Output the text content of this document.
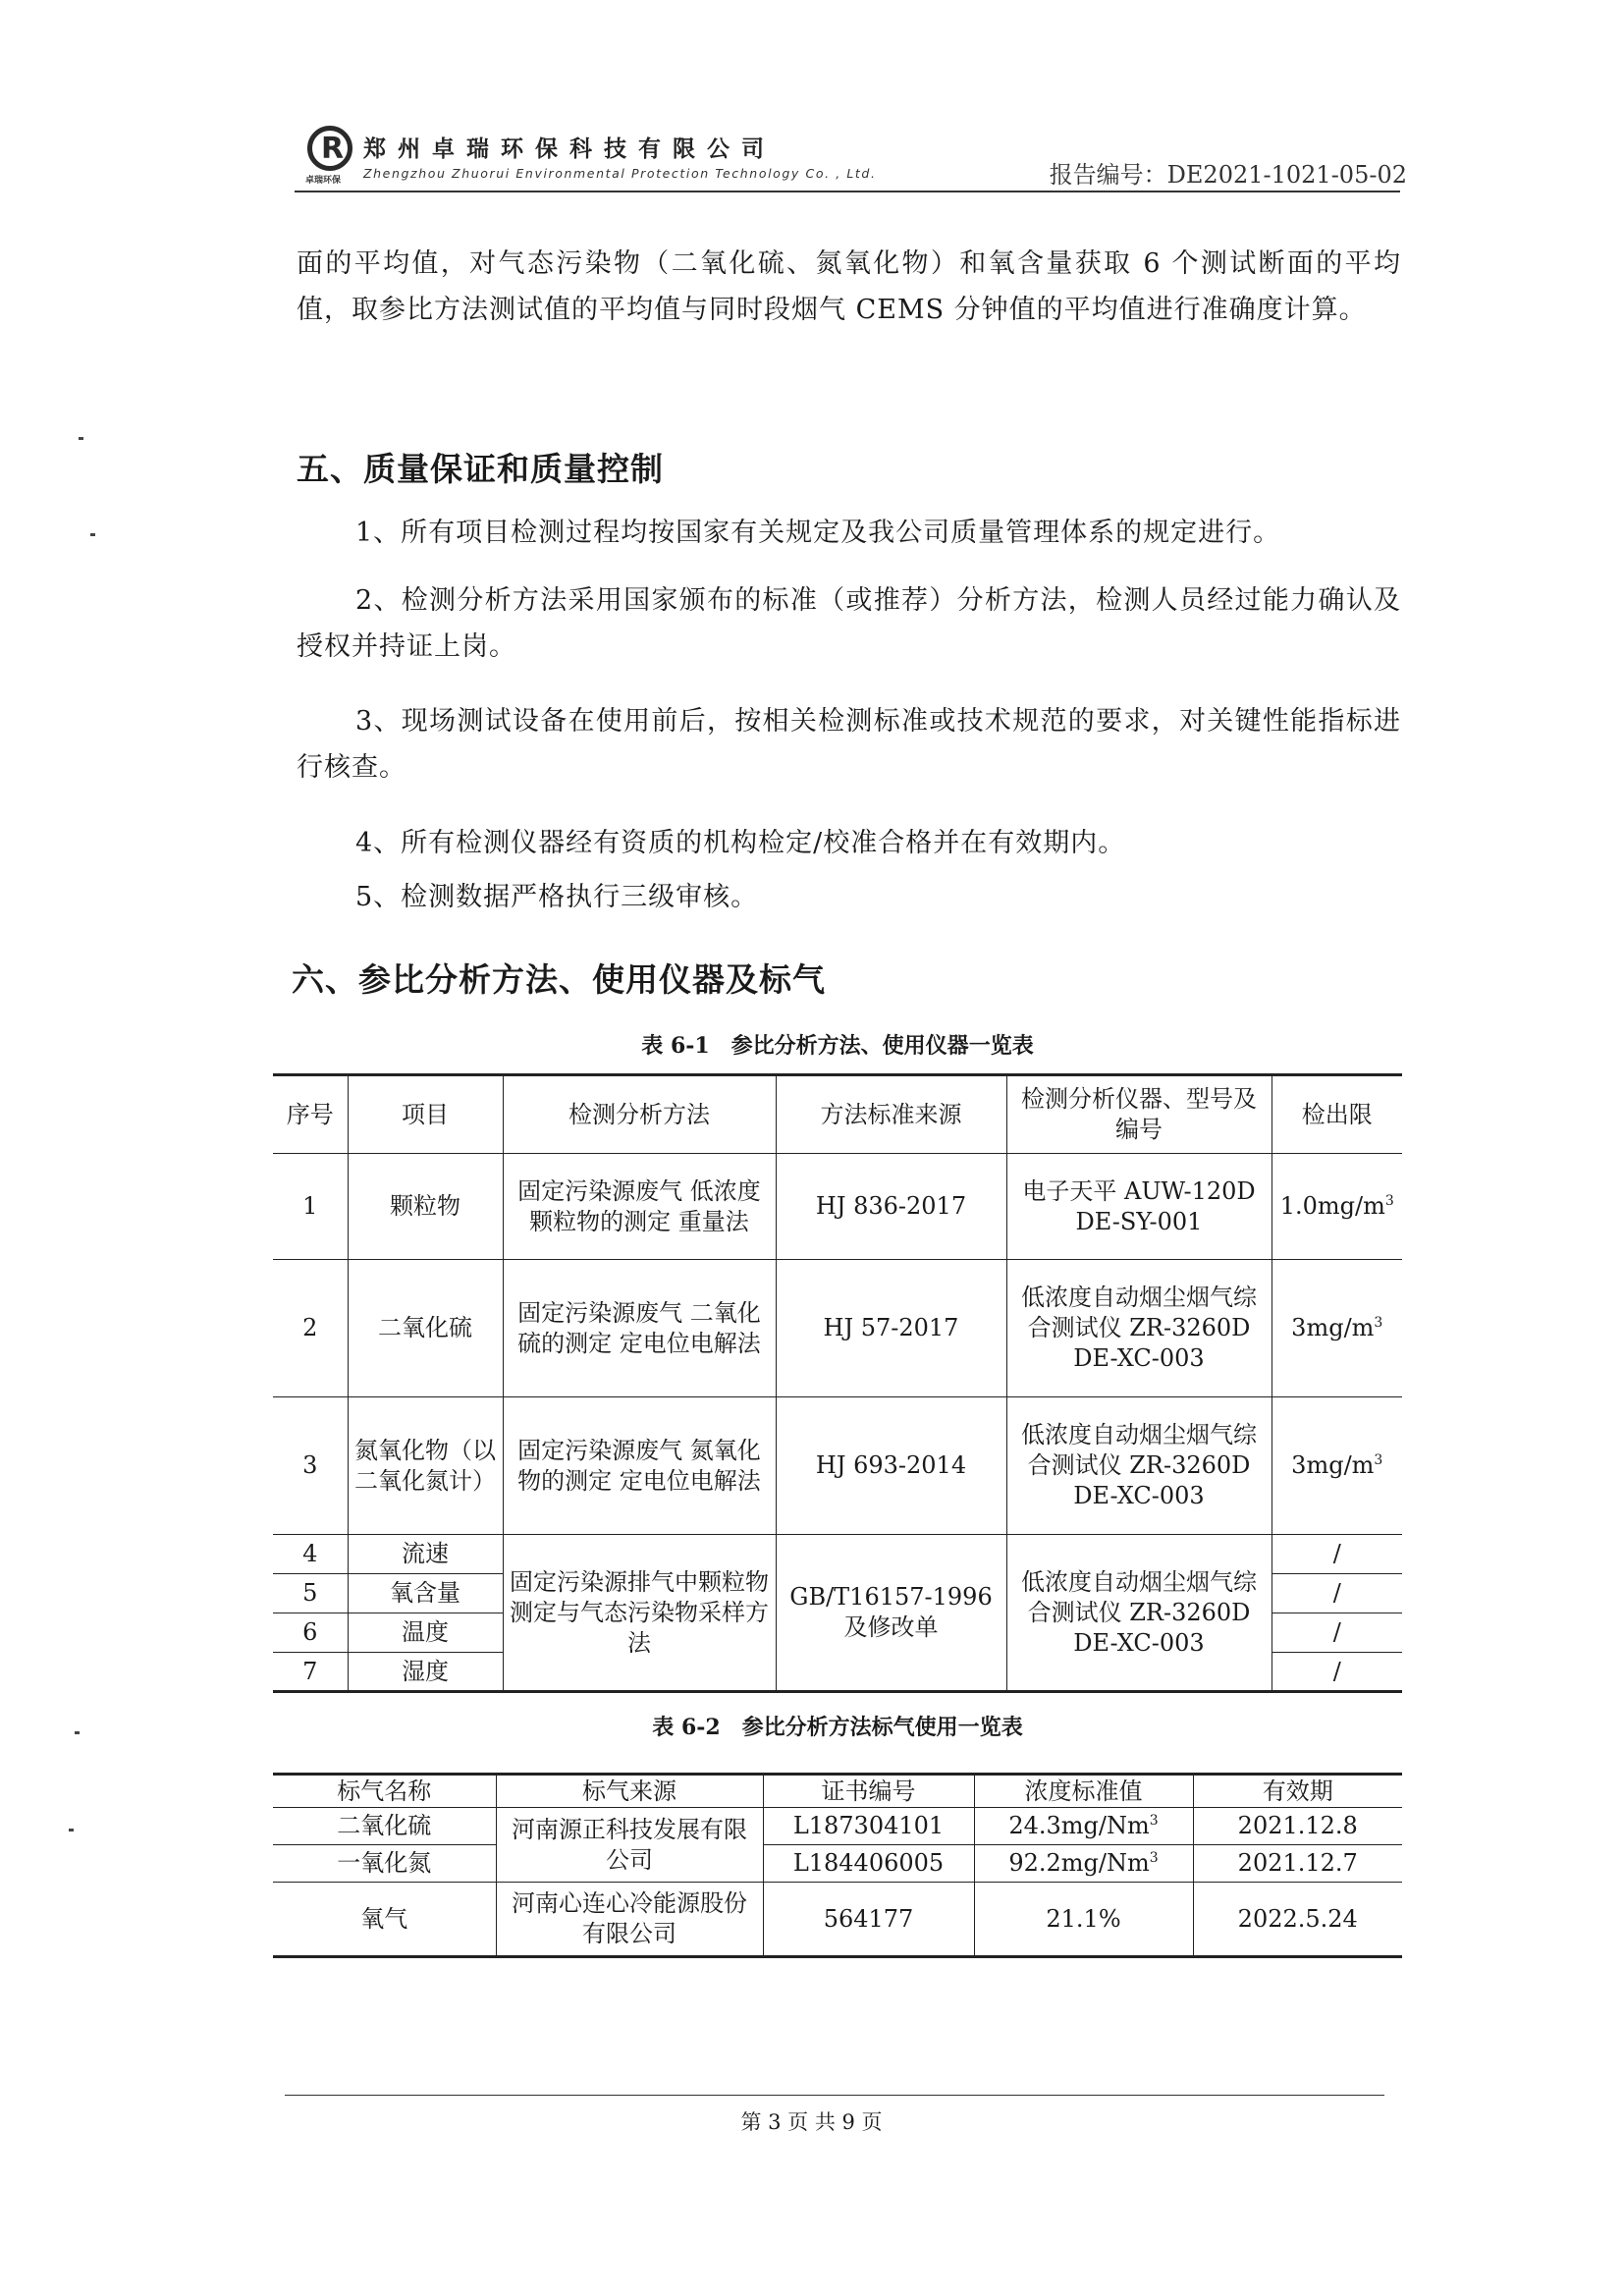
R
卓瑞环保
郑州卓瑞环保科技有限公司
Zhengzhou Zhuorui Environmental Protection Technology Co. , Ltd.	报告编号：DE2021-1021-05-02
面的平均值，对气态污染物（二氧化硫、氮氧化物）和氧含量获取 6 个测试断面的平均值，取参比方法测试值的平均值与同时段烟气 CEMS 分钟值的平均值进行准确度计算。
五、质量保证和质量控制
1、所有项目检测过程均按国家有关规定及我公司质量管理体系的规定进行。
2、检测分析方法采用国家颁布的标准（或推荐）分析方法，检测人员经过能力确认及授权并持证上岗。
3、现场测试设备在使用前后，按相关检测标准或技术规范的要求，对关键性能指标进行核查。
4、所有检测仪器经有资质的机构检定/校准合格并在有效期内。
5、检测数据严格执行三级审核。
六、参比分析方法、使用仪器及标气
表 6-1　参比分析方法、使用仪器一览表
序号	项目	检测分析方法	方法标准来源	检测分析仪器、型号及编号	检出限
1	颗粒物	固定污染源废气 低浓度颗粒物的测定 重量法	HJ 836-2017	电子天平 AUW-120D DE-SY-001	$1.0mg/m^3$
2	二氧化硫	固定污染源废气 二氧化硫的测定 定电位电解法	HJ 57-2017	低浓度自动烟尘烟气综合测试仪 ZR-3260D DE-XC-003	$3mg/m^3$
3	氮氧化物（以二氧化氮计）	固定污染源废气 氮氧化物的测定 定电位电解法	HJ 693-2014	低浓度自动烟尘烟气综合测试仪 ZR-3260D DE-XC-003	$3mg/m^3$
4	流速	固定污染源排气中颗粒物测定与气态污染物采样方法	GB/T16157-1996 及修改单	低浓度自动烟尘烟气综合测试仪 ZR-3260D DE-XC-003	/
5	氧含量				/
6	温度				/
7	湿度				/
表 6-2　参比分析方法标气使用一览表
标气名称	标气来源	证书编号	浓度标准值	有效期
二氧化硫	河南源正科技发展有限公司	L187304101	24.3mg/Nm$^3$	2021.12.8
一氧化氮		L184406005	92.2mg/Nm$^3$	2021.12.7
氧气	河南心连心冷能源股份有限公司	564177	21.1%	2022.5.24
第 3 页 共 9 页
